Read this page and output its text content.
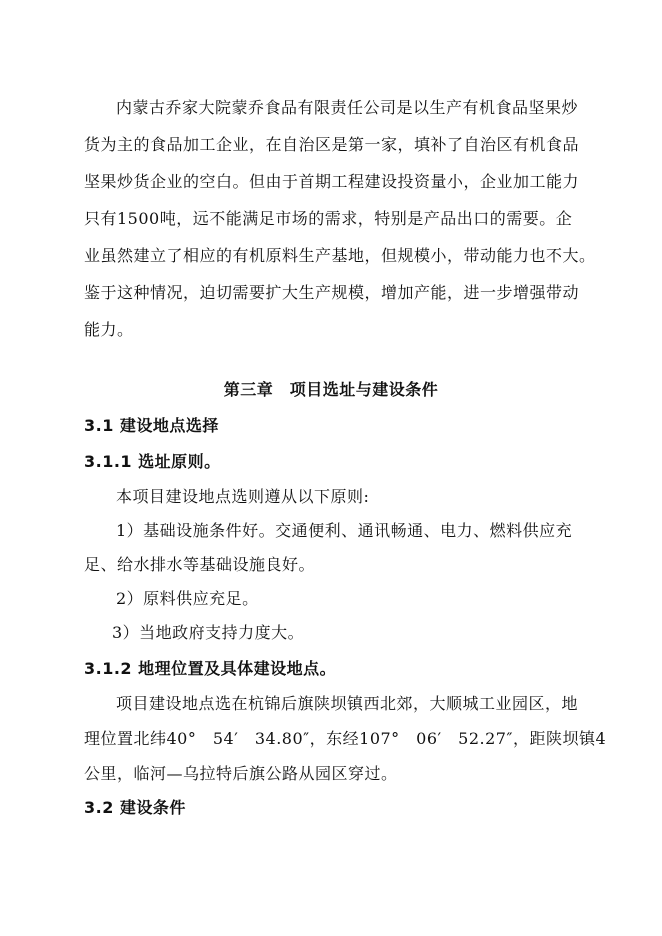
内蒙古乔家大院蒙乔食品有限责任公司是以生产有机食品坚果炒
货为主的食品加工企业，在自治区是第一家，填补了自治区有机食品
坚果炒货企业的空白。但由于首期工程建设投资量小，企业加工能力
只有1500吨，远不能满足市场的需求，特别是产品出口的需要。企
业虽然建立了相应的有机原料生产基地，但规模小，带动能力也不大。
鉴于这种情况，迫切需要扩大生产规模，增加产能，进一步增强带动
能力。
第三章　项目选址与建设条件
3.1 建设地点选择
3.1.1 选址原则。
本项目建设地点选则遵从以下原则:
1）基础设施条件好。交通便利、通讯畅通、电力、燃料供应充
足、给水排水等基础设施良好。
2）原料供应充足。
3）当地政府支持力度大。
3.1.2 地理位置及具体建设地点。
项目建设地点选在杭锦后旗陕坝镇西北郊，大顺城工业园区，地
理位置北纬40°　54′　34.80″，东经107°　06′　52.27″，距陕坝镇4
公里，临河—乌拉特后旗公路从园区穿过。
3.2 建设条件
